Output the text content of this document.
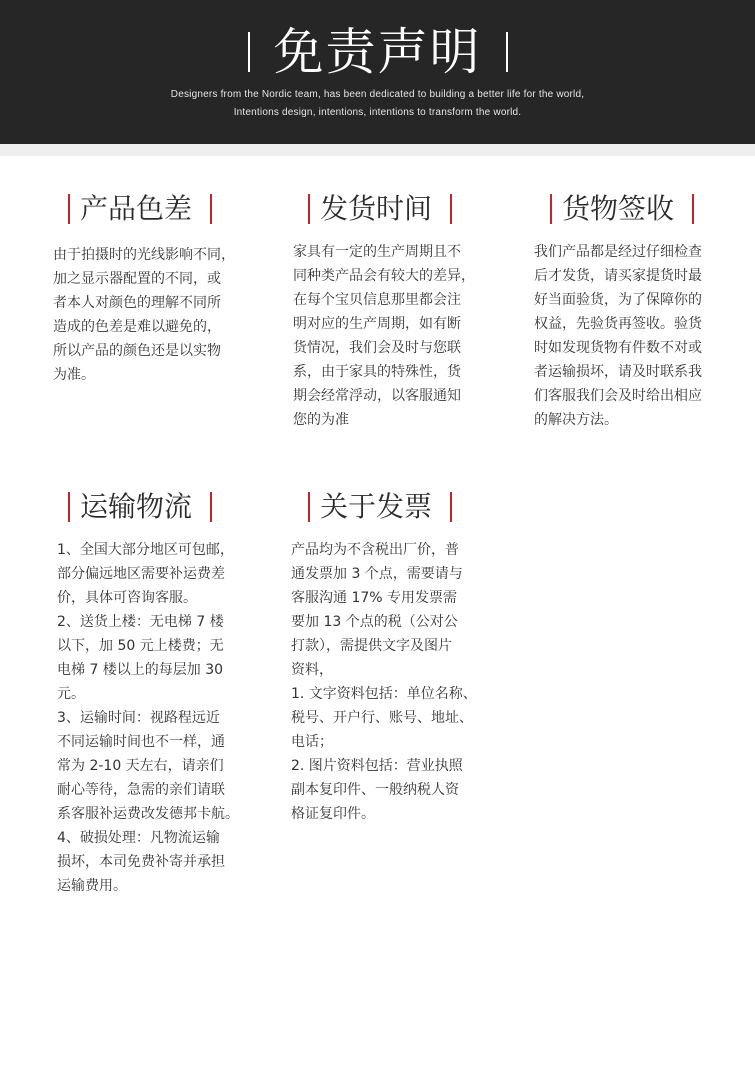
免责声明
Designers from the Nordic team, has been dedicated to building a better life for the world,
Intentions design, intentions, intentions to transform the world.
产品色差

由于拍摄时的光线影响不同，

加之显示器配置的不同，或

者本人对颜色的理解不同所

造成的色差是难以避免的，

所以产品的颜色还是以实物

为准。

发货时间

家具有一定的生产周期且不

同种类产品会有较大的差异，

在每个宝贝信息那里都会注

明对应的生产周期，如有断

货情况，我们会及时与您联

系，由于家具的特殊性，货

期会经常浮动，以客服通知

您的为准

货物签收

我们产品都是经过仔细检查

后才发货，请买家提货时最

好当面验货，为了保障你的

权益，先验货再签收。验货

时如发现货物有件数不对或

者运输损坏，请及时联系我

们客服我们会及时给出相应

的解决方法。

运输物流

1、全国大部分地区可包邮，

部分偏远地区需要补运费差

价，具体可咨询客服。

2、送货上楼：无电梯 7 楼

以下，加 50 元上楼费；无

电梯 7 楼以上的每层加 30

元。

3、运输时间：视路程远近

不同运输时间也不一样，通

常为 2-10 天左右，请亲们

耐心等待，急需的亲们请联

系客服补运费改发德邦卡航。

4、破损处理：凡物流运输

损坏，本司免费补寄并承担

运输费用。

关于发票

产品均为不含税出厂价，普

通发票加 3 个点，需要请与

客服沟通 17% 专用发票需

要加 13 个点的税（公对公

打款），需提供文字及图片

资料，

1. 文字资料包括：单位名称、

税号、开户行、账号、地址、

电话；

2. 图片资料包括：营业执照

副本复印件、一般纳税人资

格证复印件。
